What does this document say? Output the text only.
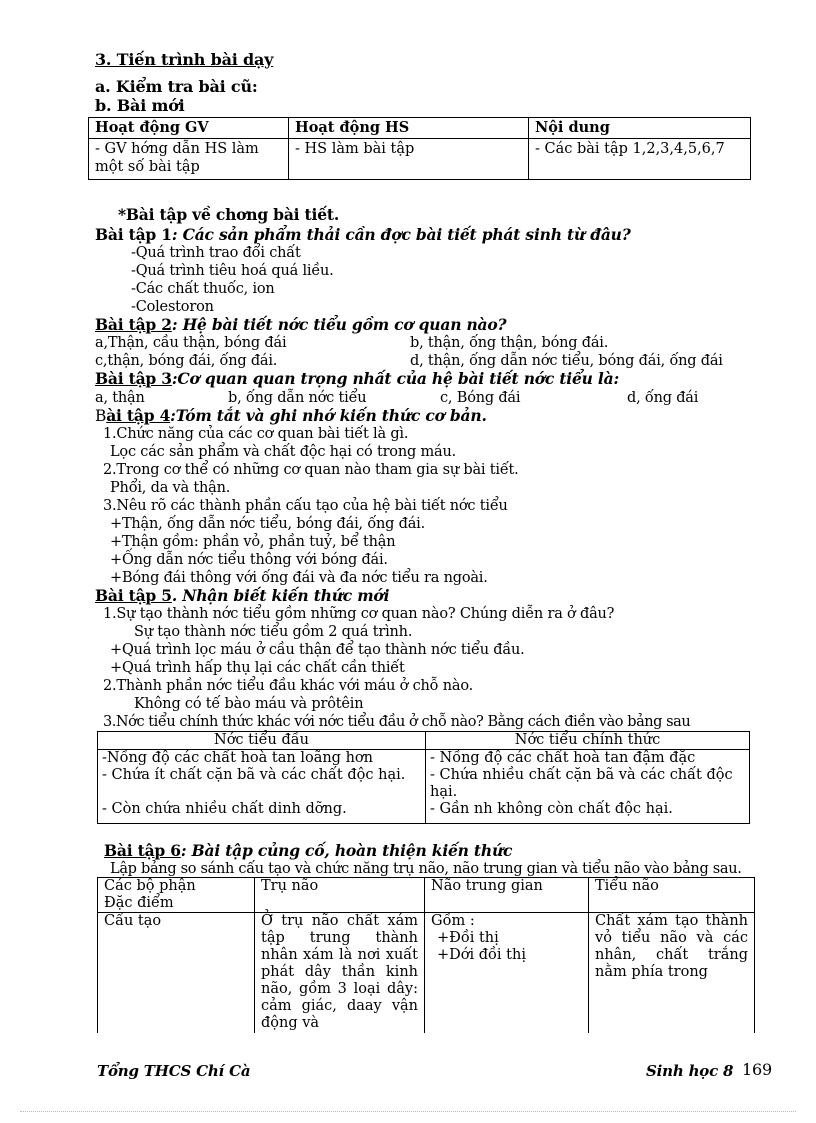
3. Tiến trình bài dạy
a. Kiểm tra bài cũ:
b. Bài mới
Hoạt động GV	Hoạt động HS	Nội dung
- GV hớng dẫn HS làm một số bài tập	- HS làm bài tập	- Các bài tập 1,2,3,4,5,6,7
*Bài tập về chơng bài tiết.
Bài tập 1: Các sản phẩm thải cần đợc bài tiết phát sinh từ đâu?
-Quá trình trao đổi chất
-Quá trình tiêu hoá quá liều.
-Các chất thuốc, ion
-Colestoron
Bài tập 2: Hệ bài tiết nớc tiểu gồm cơ quan nào?
a,Thận, cầu thận, bóng đái	b, thận, ống thận, bóng đái.
c,thận, bóng đái, ống đái.	d, thận, ống dẫn nớc tiểu, bóng đái, ống đái
Bài tập 3:Cơ quan quan trọng nhất của hệ bài tiết nớc tiểu là:
a, thận	b, ống dẫn nớc tiểu	c, Bóng đái	d, ống đái
Bài tập 4:Tóm tắt và ghi nhớ kiến thức cơ bản.
1.Chức năng của các cơ quan bài tiết là gì.
Lọc các sản phẩm và chất độc hại có trong máu.
2.Trong cơ thể có những cơ quan nào tham gia sự bài tiết.
Phổi, da và thận.
3.Nêu rõ các thành phần cấu tạo của hệ bài tiết nớc tiểu
+Thận, ống dẫn nớc tiểu, bóng đái, ống đái.
+Thận gồm: phần vỏ, phần tuỷ, bể thận
+Ống dẫn nớc tiểu thông với bóng đái.
+Bóng đái thông với ống đái và đa nớc tiểu ra ngoài.
Bài tập 5. Nhận biết kiến thức mới
1.Sự tạo thành nớc tiểu gồm những cơ quan nào? Chúng diễn ra ở đâu?
Sự tạo thành nớc tiểu gồm 2 quá trình.
+Quá trình lọc máu ở cầu thận để tạo thành nớc tiểu đầu.
+Quá trình hấp thụ lại các chất cần thiết
2.Thành phần nớc tiểu đầu khác với máu ở chỗ nào.
Không có tế bào máu và prôtêin
3.Nớc tiểu chính thức khác với nớc tiểu đầu ở chỗ nào? Bằng cách điền vào bảng sau
Nớc tiểu đầu	Nớc tiểu chính thức
-Nồng độ các chất hoà tan loãng hơn	- Nồng độ các chất hoà tan đậm đặc
- Chứa ít chất cặn bã và các chất độc hại.	- Chứa nhiều chất cặn bã và các chất độc hại.
- Còn chứa nhiều chất dinh dỡng.	- Gần nh không còn chất độc hại.
Bài tập 6: Bài tập củng cố, hoàn thiện kiến thức
Lập bảng so sánh cấu tạo và chức năng trụ não, não trung gian và tiểu não vào bảng sau.
Các bộ phận
Đặc điểm	Trụ não	Não trung gian	Tiểu não
Cấu tạo	Ở trụ não chất xám tập trung thành nhân xám là nơi xuất phát dây thần kinh não, gồm 3 loại dây: cảm giác, daay vận động và	Gồm :
+Đồi thị
+Dới đồi thị	Chất xám tạo thành vỏ tiểu não và các nhân, chất trắng nằm phía trong
Tổng THCS Chí Cà	Sinh học 8 169
